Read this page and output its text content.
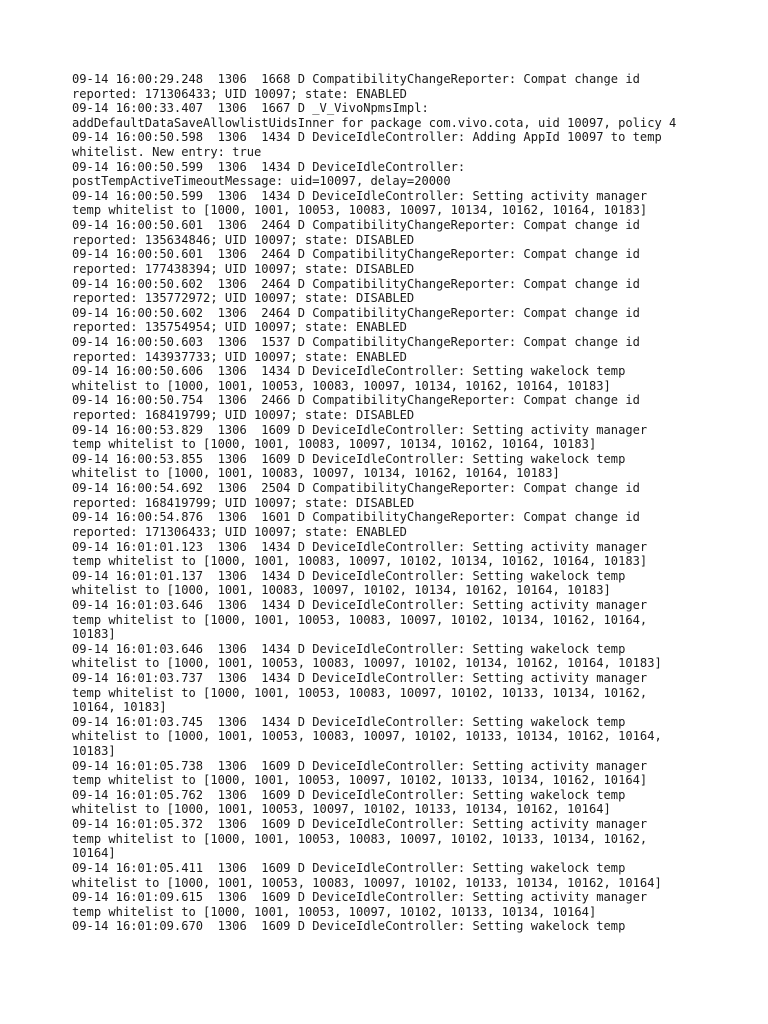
09-14 16:00:29.248  1306  1668 D CompatibilityChangeReporter: Compat change id
reported: 171306433; UID 10097; state: ENABLED
09-14 16:00:33.407  1306  1667 D _V_VivoNpmsImpl:
addDefaultDataSaveAllowlistUidsInner for package com.vivo.cota, uid 10097, policy 4
09-14 16:00:50.598  1306  1434 D DeviceIdleController: Adding AppId 10097 to temp
whitelist. New entry: true
09-14 16:00:50.599  1306  1434 D DeviceIdleController:
postTempActiveTimeoutMessage: uid=10097, delay=20000
09-14 16:00:50.599  1306  1434 D DeviceIdleController: Setting activity manager
temp whitelist to [1000, 1001, 10053, 10083, 10097, 10134, 10162, 10164, 10183]
09-14 16:00:50.601  1306  2464 D CompatibilityChangeReporter: Compat change id
reported: 135634846; UID 10097; state: DISABLED
09-14 16:00:50.601  1306  2464 D CompatibilityChangeReporter: Compat change id
reported: 177438394; UID 10097; state: DISABLED
09-14 16:00:50.602  1306  2464 D CompatibilityChangeReporter: Compat change id
reported: 135772972; UID 10097; state: DISABLED
09-14 16:00:50.602  1306  2464 D CompatibilityChangeReporter: Compat change id
reported: 135754954; UID 10097; state: ENABLED
09-14 16:00:50.603  1306  1537 D CompatibilityChangeReporter: Compat change id
reported: 143937733; UID 10097; state: ENABLED
09-14 16:00:50.606  1306  1434 D DeviceIdleController: Setting wakelock temp
whitelist to [1000, 1001, 10053, 10083, 10097, 10134, 10162, 10164, 10183]
09-14 16:00:50.754  1306  2466 D CompatibilityChangeReporter: Compat change id
reported: 168419799; UID 10097; state: DISABLED
09-14 16:00:53.829  1306  1609 D DeviceIdleController: Setting activity manager
temp whitelist to [1000, 1001, 10083, 10097, 10134, 10162, 10164, 10183]
09-14 16:00:53.855  1306  1609 D DeviceIdleController: Setting wakelock temp
whitelist to [1000, 1001, 10083, 10097, 10134, 10162, 10164, 10183]
09-14 16:00:54.692  1306  2504 D CompatibilityChangeReporter: Compat change id
reported: 168419799; UID 10097; state: DISABLED
09-14 16:00:54.876  1306  1601 D CompatibilityChangeReporter: Compat change id
reported: 171306433; UID 10097; state: ENABLED
09-14 16:01:01.123  1306  1434 D DeviceIdleController: Setting activity manager
temp whitelist to [1000, 1001, 10083, 10097, 10102, 10134, 10162, 10164, 10183]
09-14 16:01:01.137  1306  1434 D DeviceIdleController: Setting wakelock temp
whitelist to [1000, 1001, 10083, 10097, 10102, 10134, 10162, 10164, 10183]
09-14 16:01:03.646  1306  1434 D DeviceIdleController: Setting activity manager
temp whitelist to [1000, 1001, 10053, 10083, 10097, 10102, 10134, 10162, 10164,
10183]
09-14 16:01:03.646  1306  1434 D DeviceIdleController: Setting wakelock temp
whitelist to [1000, 1001, 10053, 10083, 10097, 10102, 10134, 10162, 10164, 10183]
09-14 16:01:03.737  1306  1434 D DeviceIdleController: Setting activity manager
temp whitelist to [1000, 1001, 10053, 10083, 10097, 10102, 10133, 10134, 10162,
10164, 10183]
09-14 16:01:03.745  1306  1434 D DeviceIdleController: Setting wakelock temp
whitelist to [1000, 1001, 10053, 10083, 10097, 10102, 10133, 10134, 10162, 10164,
10183]
09-14 16:01:05.738  1306  1609 D DeviceIdleController: Setting activity manager
temp whitelist to [1000, 1001, 10053, 10097, 10102, 10133, 10134, 10162, 10164]
09-14 16:01:05.762  1306  1609 D DeviceIdleController: Setting wakelock temp
whitelist to [1000, 1001, 10053, 10097, 10102, 10133, 10134, 10162, 10164]
09-14 16:01:05.372  1306  1609 D DeviceIdleController: Setting activity manager
temp whitelist to [1000, 1001, 10053, 10083, 10097, 10102, 10133, 10134, 10162,
10164]
09-14 16:01:05.411  1306  1609 D DeviceIdleController: Setting wakelock temp
whitelist to [1000, 1001, 10053, 10083, 10097, 10102, 10133, 10134, 10162, 10164]
09-14 16:01:09.615  1306  1609 D DeviceIdleController: Setting activity manager
temp whitelist to [1000, 1001, 10053, 10097, 10102, 10133, 10134, 10164]
09-14 16:01:09.670  1306  1609 D DeviceIdleController: Setting wakelock temp
